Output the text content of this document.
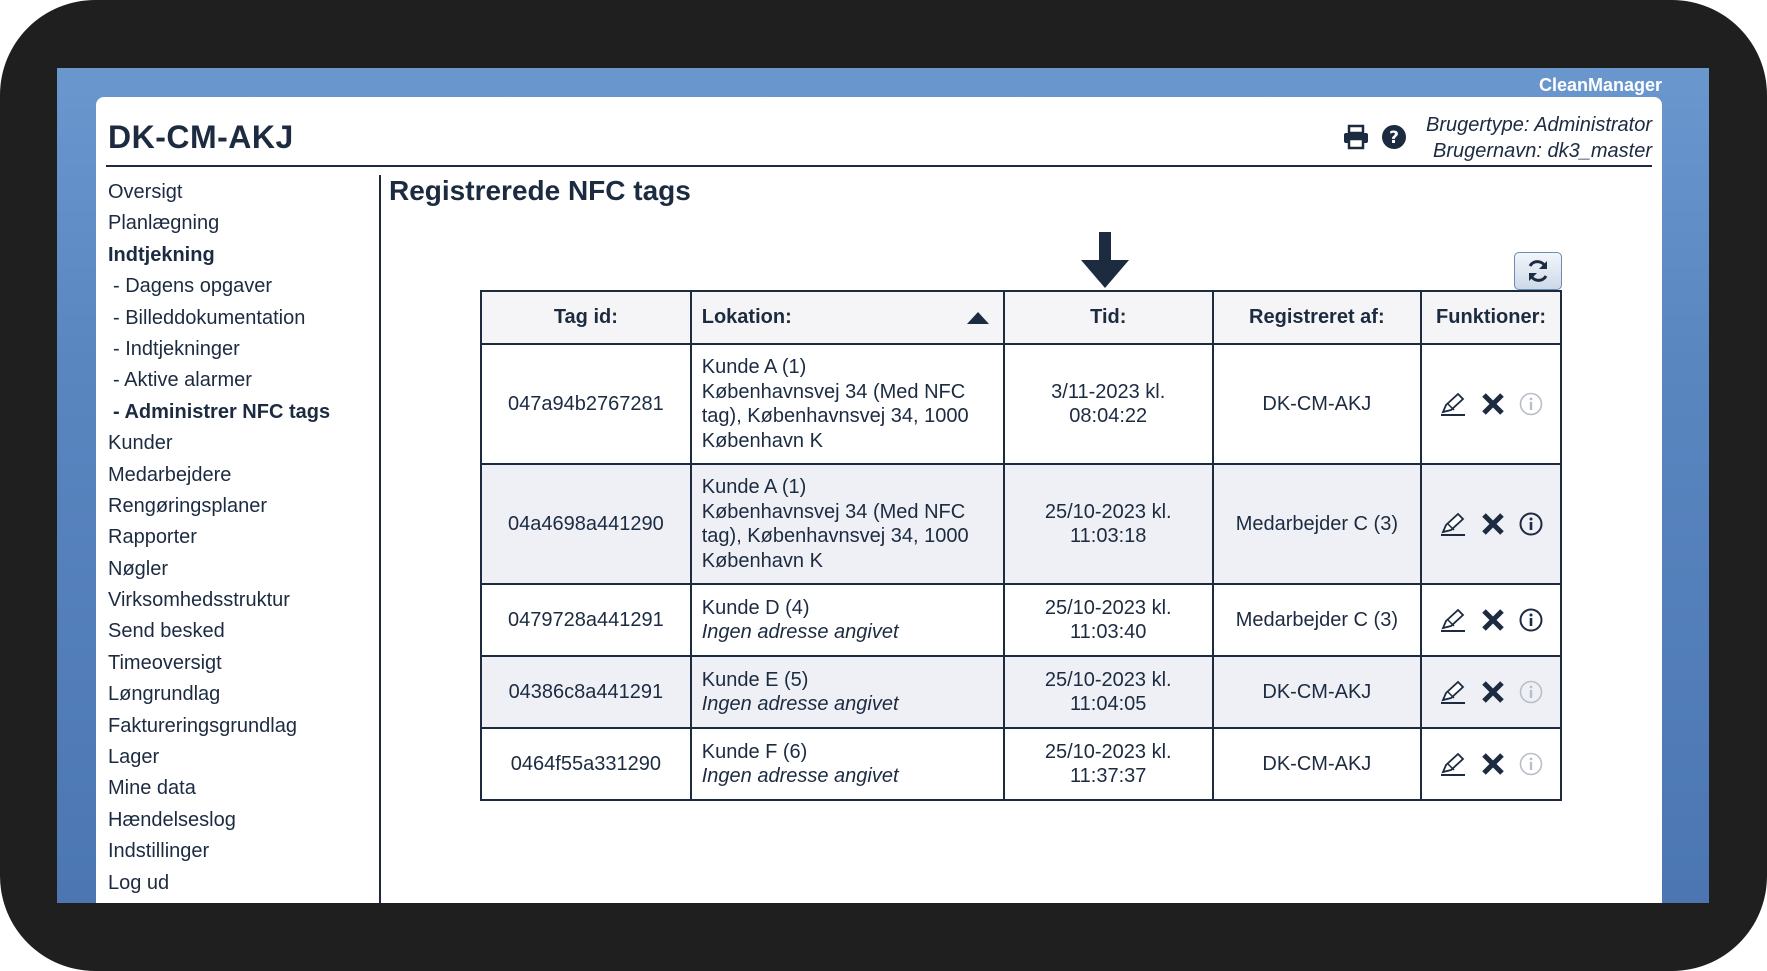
CleanManager
DK-CM-AKJ	?
Brugertype: Administrator
Brugernavn: dk3_master
Oversigt
Planlægning
Indtjekning
- Dagens opgaver
- Billeddokumentation
- Indtjekninger
- Aktive alarmer
- Administrer NFC tags
Kunder
Medarbejdere
Rengøringsplaner
Rapporter
Nøgler
Virksomhedsstruktur
Send besked
Timeoversigt
Løngrundlag
Faktureringsgrundlag
Lager
Mine data
Hændelseslog
Indstillinger
Log ud
Registrerede NFC tags
Tag id:	Lokation:	Tid:	Registreret af:	Funktioner:
047a94b2767281	Kunde A (1)
Københavnsvej 34 (Med NFC tag), Københavnsvej 34, 1000 København K	3/11-2023 kl. 08:04:22	DK-CM-AKJ	

04a4698a441290	Kunde A (1)
Københavnsvej 34 (Med NFC tag), Københavnsvej 34, 1000 København K	25/10-2023 kl. 11:03:18	Medarbejder C (3)	

0479728a441291	Kunde D (4)
Ingen adresse angivet	25/10-2023 kl. 11:03:40	Medarbejder C (3)	

04386c8a441291	Kunde E (5)
Ingen adresse angivet	25/10-2023 kl. 11:04:05	DK-CM-AKJ	

0464f55a331290	Kunde F (6)
Ingen adresse angivet	25/10-2023 kl. 11:37:37	DK-CM-AKJ	
